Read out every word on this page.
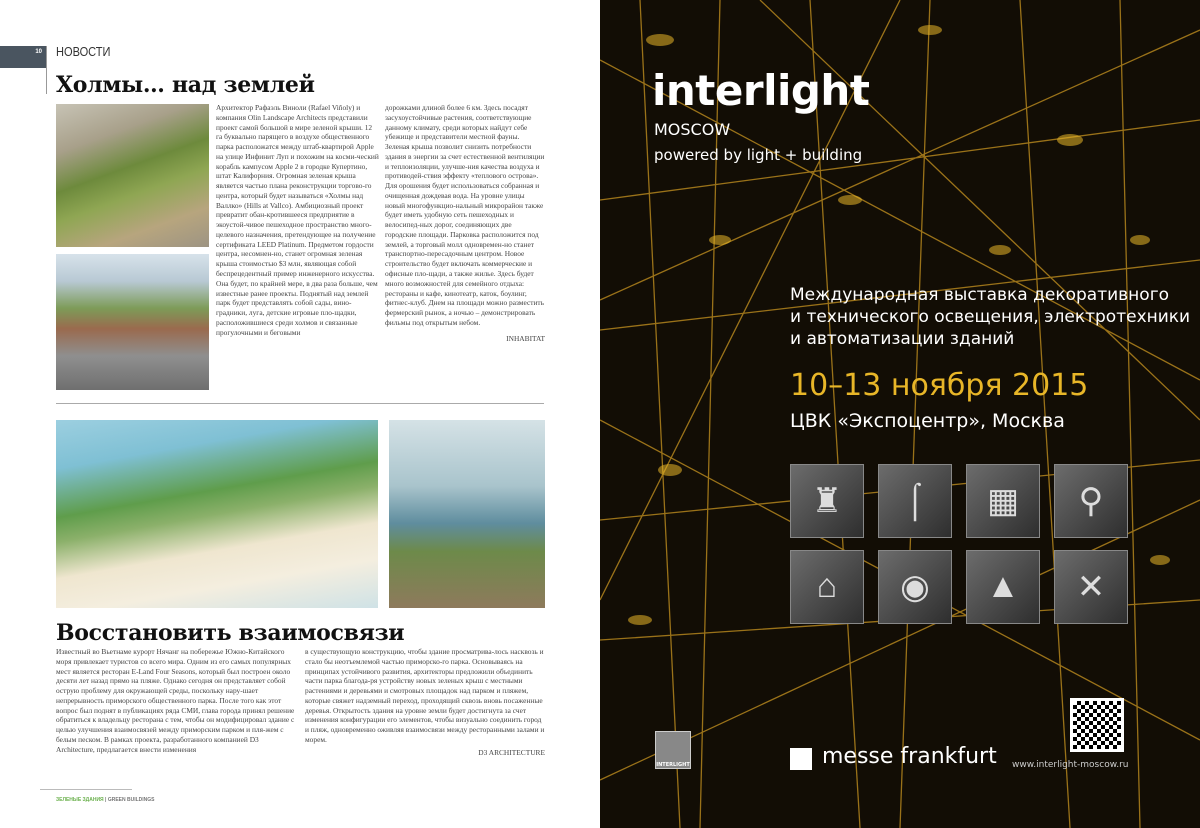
10	НОВОСТИ
Холмы… над землей
Архитектор Рафаэль Виноли (Rafael Viñoly) и компания Olin Landscape Architects представили проект самой большой в мире зеленой крыши. 12 га буквально парящего в воздухе общественного парка расположатся между штаб-квартирой Apple на улице Инфинит Луп и похожим на косми-ческий корабль кампусом Apple 2 в городке Купертино, штат Калифорния. Огромная зеленая крыша является частью плана реконструкции торгово-го центра, который будет называться «Холмы над Валлко» (Hills at Vallco). Амбициозный проект превратит обан-кротившееся предприятие в экоустой-чивое пешеходное пространство много-целевого назначения, претендующее на получение сертификата LEED Platinum. Предметом гордости центра, несомнен-но, станет огромная зеленая крыша стоимостью $3 млн, являющая собой беспрецедентный пример инженерного искусства. Она будет, по крайней мере, в два раза больше, чем известные ранее проекты. Поднятый над землей парк будет представлять собой сады, вино-градники, луга, детские игровые пло-щадки, расположившиеся среди холмов и связанные прогулочными и беговыми
дорожками длиной более 6 км. Здесь посадят засухоустойчивые растения, соответствующие данному климату, среди которых найдут себе убежище и представители местной фауны. Зеленая крыша позволит снизить потребности здания в энергии за счет естественной вентиляции и теплоизоляции, улучше-ния качества воздуха и противодей-ствия эффекту «теплового острова». Для орошения будет использоваться собранная и очищенная дождевая вода. На уровне улицы новый многофункцио-нальный микрорайон также будет иметь удобную сеть пешеходных и велосипед-ных дорог, соединяющих две городские площади. Парковка расположится под землей, а торговый молл одновремен-но станет транспортно-пересадочным центром. Новое строительство будет включать коммерческие и офисные пло-щади, а также жилье. Здесь будет много возможностей для семейного отдыха: рестораны и кафе, кинотеатр, каток, боулинг, фитнес-клуб. Днем на площади можно разместить фермерский рынок, а ночью – демонстрировать фильмы под открытым небом.
INHABITAT
Восстановить взаимосвязи
Известный во Вьетнаме курорт Нячанг на побережье Южно-Китайского моря привлекает туристов со всего мира. Одним из его самых популярных мест является ресторан E-Land Four Seasons, который был построен около десяти лет назад прямо на пляже. Однако сегодня он представляет собой острую проблему для окружающей среды, поскольку нару-шает непрерывность приморского общественного парка. После того как этот вопрос был поднят в публикациях ряда СМИ, глава города принял решение обратиться к владельцу ресторана с тем, чтобы он модифицировал здание с целью улучшения взаимосвязей между приморским парком и пля-жем с белым песком. В рамках проекта, разработанного компанией D3 Architecture, предлагается внести изменения
в существующую конструкцию, чтобы здание просматрива-лось насквозь и стало бы неотъемлемой частью приморско-го парка. Основываясь на принципах устойчивого развития, архитекторы предложили объединить части парка благода-ря устройству новых зеленых крыш с местными растениями и деревьями и смотровых площадок над парком и пляжем, которые свяжет надземный переход, проходящий сквозь вновь посаженные деревья. Открытость здания на уровне земли будет достигнута за счет изменения конфигурации его элементов, чтобы визуально соединить город и пляж, одновременно оживляя взаимосвязи между ресторанными залами и морем.
D3 ARCHITECTURE
ЗЕЛЕНЫЕ ЗДАНИЯ | GREEN BUILDINGS
interlight
MOSCOW
powered by light + building
Международная выставка декоративного
и технического освещения, электротехники
и автоматизации зданий
10–13 ноября 2015
ЦВК «Экспоцентр», Москва
INTERLIGHT	messe frankfurt www.interlight-moscow.ru
♜	⌠	▦	⚲
⌂	◉	▲	✕
